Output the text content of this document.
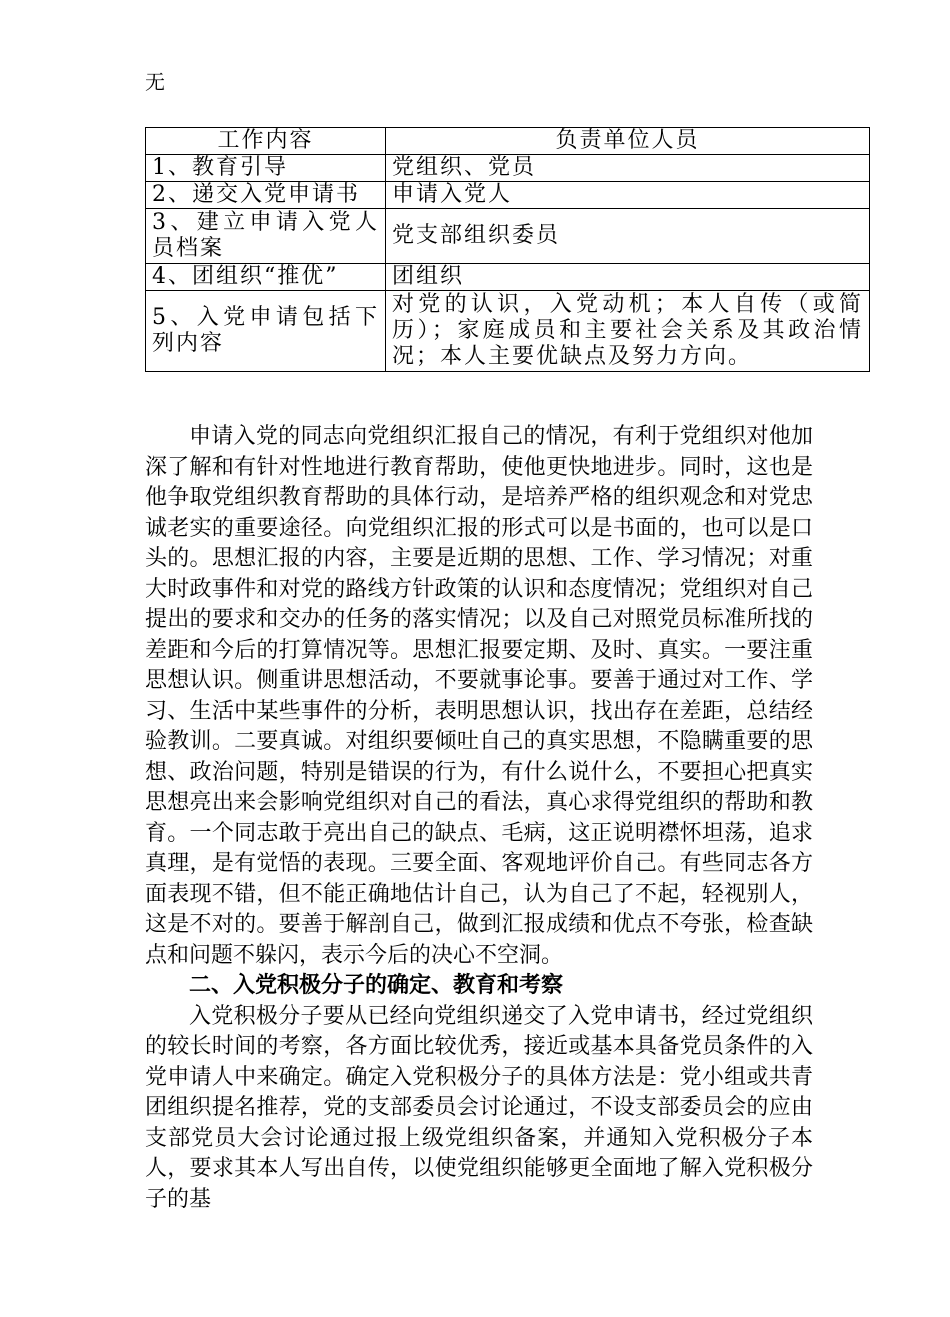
无
工作内容	负责单位人员
1、教育引导	党组织、党员
2、递交入党申请书	申请入党人

3、建立申请入党人员档案	党支部组织委员
4、团组织“推优”	团组织

5、入党申请包括下列内容	对党的认识，入党动机；本人自传（或简历）；家庭成员和主要社会关系及其政治情况；本人主要优缺点及努力方向。

申请入党的同志向党组织汇报自己的情况，有利于党组织对他加深了解和有针对性地进行教育帮助，使他更快地进步。同时，这也是他争取党组织教育帮助的具体行动，是培养严格的组织观念和对党忠诚老实的重要途径。向党组织汇报的形式可以是书面的，也可以是口头的。思想汇报的内容，主要是近期的思想、工作、学习情况；对重大时政事件和对党的路线方针政策的认识和态度情况；党组织对自己提出的要求和交办的任务的落实情况；以及自己对照党员标准所找的差距和今后的打算情况等。思想汇报要定期、及时、真实。一要注重思想认识。侧重讲思想活动，不要就事论事。要善于通过对工作、学习、生活中某些事件的分析，表明思想认识，找出存在差距，总结经验教训。二要真诚。对组织要倾吐自己的真实思想，不隐瞒重要的思想、政治问题，特别是错误的行为，有什么说什么，不要担心把真实思想亮出来会影响党组织对自己的看法，真心求得党组织的帮助和教育。一个同志敢于亮出自己的缺点、毛病，这正说明襟怀坦荡，追求真理，是有觉悟的表现。三要全面、客观地评价自己。有些同志各方面表现不错，但不能正确地估计自己，认为自己了不起，轻视别人，这是不对的。要善于解剖自己，做到汇报成绩和优点不夸张，检查缺点和问题不躲闪，表示今后的决心不空洞。

二、入党积极分子的确定、教育和考察

入党积极分子要从已经向党组织递交了入党申请书，经过党组织的较长时间的考察，各方面比较优秀，接近或基本具备党员条件的入党申请人中来确定。确定入党积极分子的具体方法是：党小组或共青团组织提名推荐，党的支部委员会讨论通过，不设支部委员会的应由支部党员大会讨论通过报上级党组织备案，并通知入党积极分子本人，要求其本人写出自传，以使党组织能够更全面地了解入党积极分子的基
